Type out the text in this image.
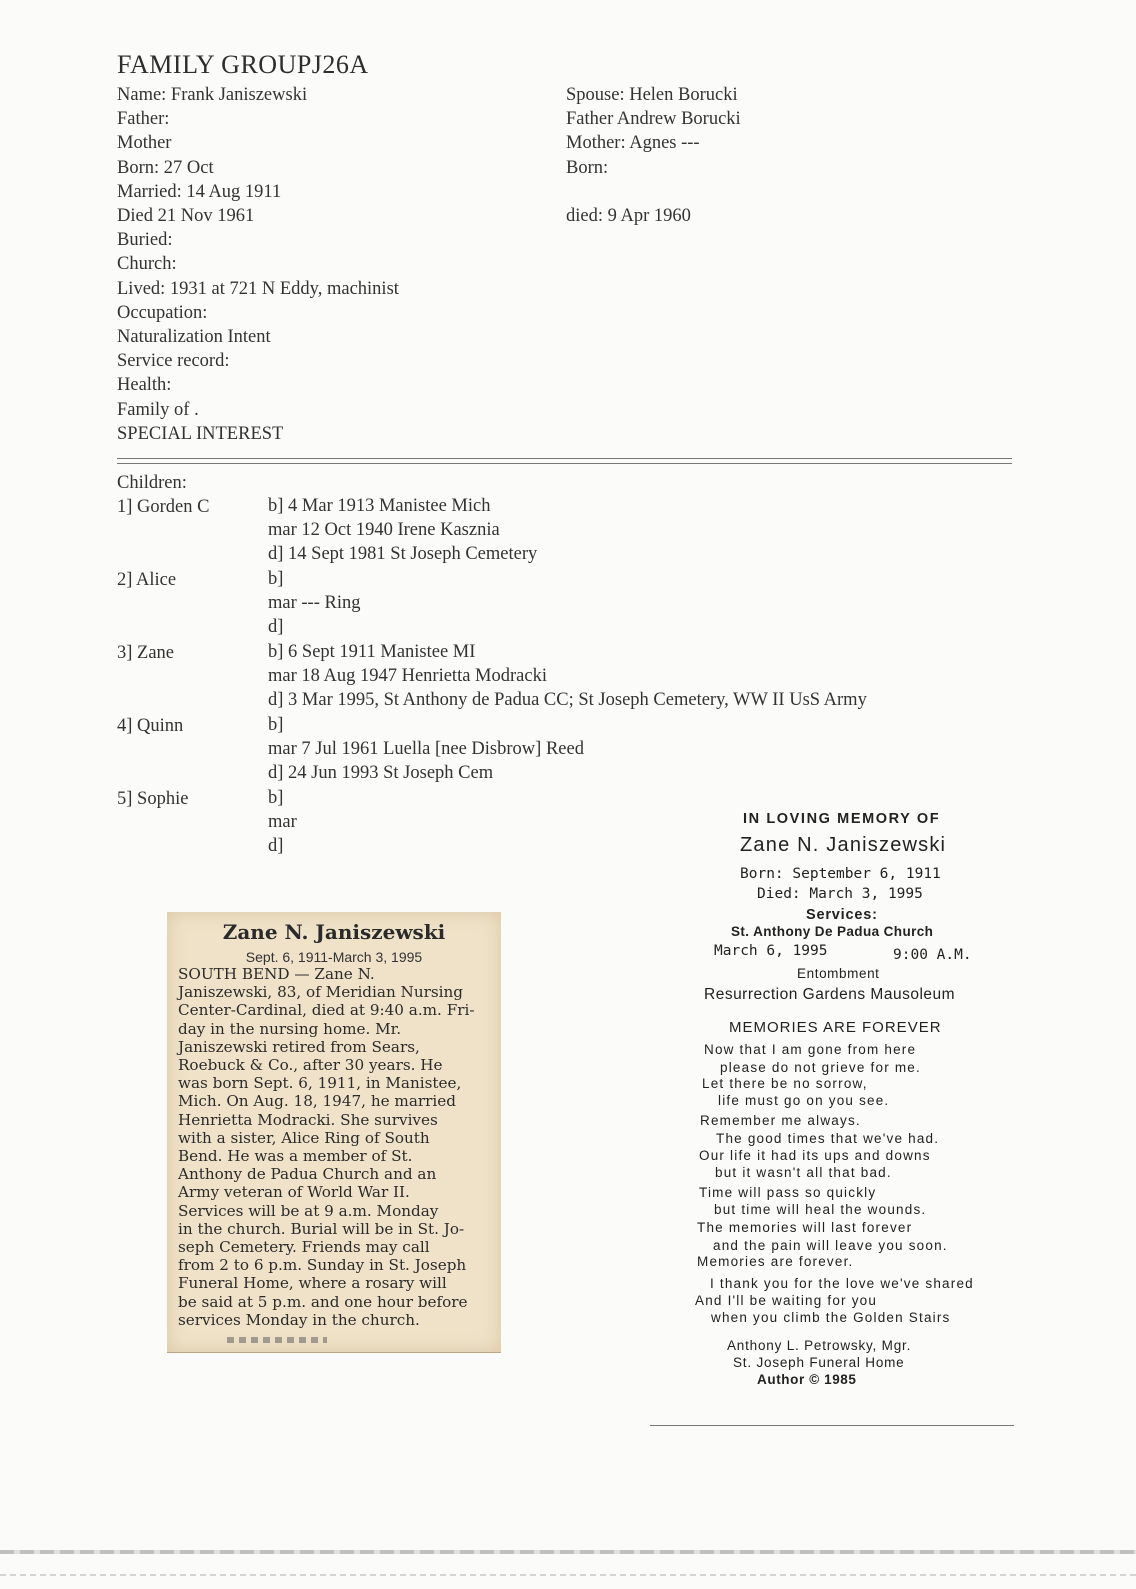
FAMILY GROUPJ26A
Name: Frank Janiszewski
Father:
Mother
Born: 27 Oct
Married: 14 Aug 1911
Died 21 Nov 1961
Buried:
Church:
Lived: 1931 at 721 N Eddy, machinist
Occupation:
Naturalization Intent
Service record:
Health:
Family of .
SPECIAL INTEREST
Spouse: Helen Borucki
Father Andrew Borucki
Mother: Agnes ---
Born:

died: 9 Apr 1960
Children:
1] Gorden C	b] 4 Mar 1913 Manistee Mich
mar 12 Oct 1940 Irene Kasznia
d] 14 Sept 1981 St Joseph Cemetery
2] Alice	b]
mar --- Ring
d]
3] Zane	b] 6 Sept 1911 Manistee MI
mar 18 Aug 1947 Henrietta Modracki
d] 3 Mar 1995, St Anthony de Padua CC; St Joseph Cemetery, WW II UsS Army
4] Quinn	b]
mar 7 Jul 1961 Luella [nee Disbrow] Reed
d] 24 Jun 1993 St Joseph Cem
5] Sophie	b]
mar
d]
Zane N. Janiszewski
Sept. 6, 1911-March 3, 1995
SOUTH BEND — Zane N.
Janiszewski, 83, of Meridian Nursing
Center-Cardinal, died at 9:40 a.m. Fri-
day in the nursing home. Mr.
Janiszewski retired from Sears,
Roebuck & Co., after 30 years. He
was born Sept. 6, 1911, in Manistee,
Mich. On Aug. 18, 1947, he married
Henrietta Modracki. She survives
with a sister, Alice Ring of South
Bend. He was a member of St.
Anthony de Padua Church and an
Army veteran of World War II.
Services will be at 9 a.m. Monday
in the church. Burial will be in St. Jo-
seph Cemetery. Friends may call
from 2 to 6 p.m. Sunday in St. Joseph
Funeral Home, where a rosary will
be said at 5 p.m. and one hour before
services Monday in the church.
IN LOVING MEMORY OF
Zane N. Janiszewski
Born: September 6, 1911
Died: March 3, 1995
Services:
St. Anthony De Padua Church
March 6, 1995	9:00 A.M.
Entombment
Resurrection Gardens Mausoleum
MEMORIES ARE FOREVER
Now that I am gone from here
please do not grieve for me.
Let there be no sorrow,
life must go on you see.
Remember me always.
The good times that we've had.
Our life it had its ups and downs
but it wasn't all that bad.
Time will pass so quickly
but time will heal the wounds.
The memories will last forever
and the pain will leave you soon.
Memories are forever.
I thank you for the love we've shared
And I'll be waiting for you
when you climb the Golden Stairs
Anthony L. Petrowsky, Mgr.
St. Joseph Funeral Home
Author © 1985
